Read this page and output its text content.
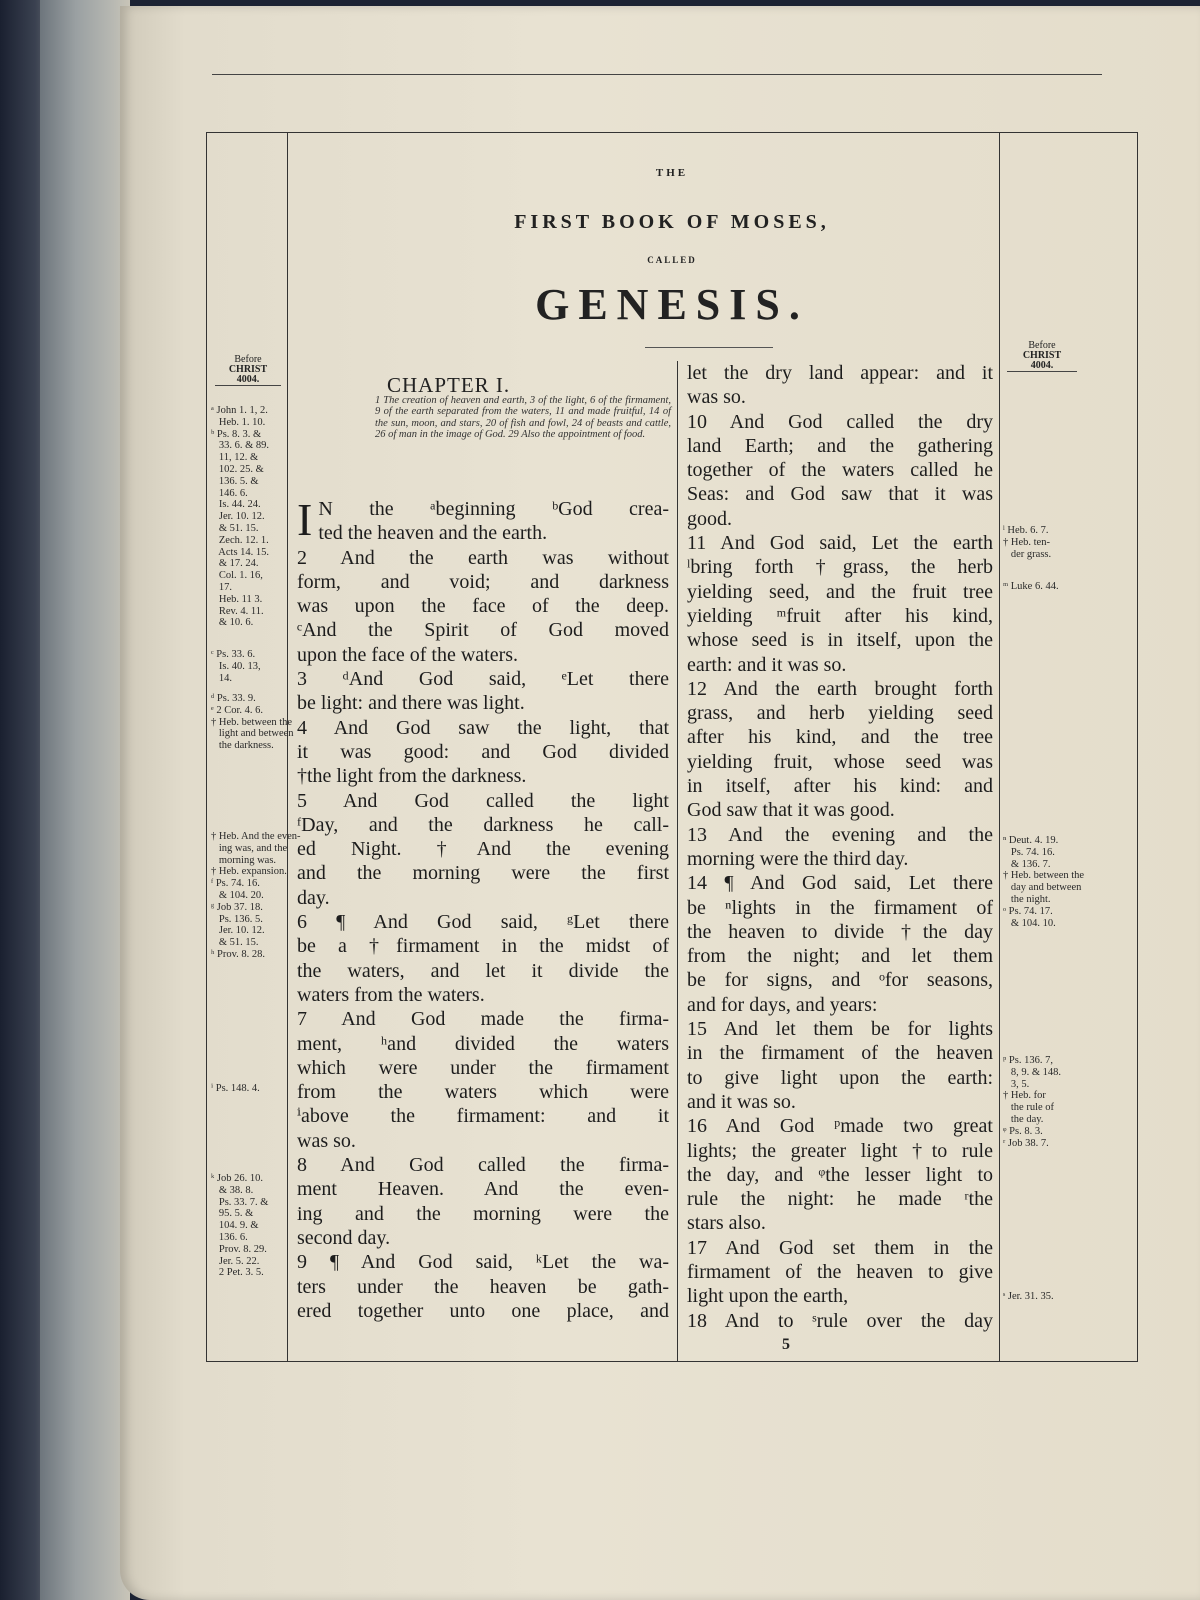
THE
FIRST BOOK OF MOSES,
CALLED
GENESIS.
Before
CHRIST
4004.
Before
CHRIST
4004.
CHAPTER I.
1 The creation of heaven and earth, 3 of the light, 6 of the firmament, 9 of the earth separated from the waters, 11 and made fruitful, 14 of the sun, moon, and stars, 20 of fish and fowl, 24 of beasts and cattle, 26 of man in the image of God. 29 Also the appointment of food.
I N the ᵃbeginning ᵇGod crea-
ted the heaven and the earth.
2 And the earth was without
form, and void; and darkness
was upon the face of the deep.
ᶜAnd the Spirit of God moved
upon the face of the waters.
3 ᵈAnd God said, ᵉLet there
be light: and there was light.
4 And God saw the light, that
it was good: and God divided
†the light from the darkness.
5 And God called the light
ᶠDay, and the darkness he call-
ed Night. †And the evening
and the morning were the first
day.
6 ¶ And God said, ᵍLet there
be a †firmament in the midst of
the waters, and let it divide the
waters from the waters.
7 And God made the firma-
ment, ʰand divided the waters
which were under the firmament
from the waters which were
ⁱabove the firmament: and it
was so.
8 And God called the firma-
ment Heaven. And the even-
ing and the morning were the
second day.
9 ¶ And God said, ᵏLet the wa-
ters under the heaven be gath-
ered together unto one place, and
let the dry land appear: and it
was so.
10 And God called the dry
land Earth; and the gathering
together of the waters called he
Seas: and God saw that it was
good.
11 And God said, Let the earth
ˡbring forth †grass, the herb
yielding seed, and the fruit tree
yielding ᵐfruit after his kind,
whose seed is in itself, upon the
earth: and it was so.
12 And the earth brought forth
grass, and herb yielding seed
after his kind, and the tree
yielding fruit, whose seed was
in itself, after his kind: and
God saw that it was good.
13 And the evening and the
morning were the third day.
14 ¶ And God said, Let there
be ⁿlights in the firmament of
the heaven to divide †the day
from the night; and let them
be for signs, and ᵒfor seasons,
and for days, and years:
15 And let them be for lights
in the firmament of the heaven
to give light upon the earth:
and it was so.
16 And God ᵖmade two great
lights; the greater light †to rule
the day, and ᵠthe lesser light to
rule the night: he made ʳthe
stars also.
17 And God set them in the
firmament of the heaven to give
light upon the earth,
18 And to ˢrule over the day
ᵃ John 1. 1, 2.
Heb. 1. 10.
ᵇ Ps. 8. 3. &
33. 6. & 89.
11, 12. &
102. 25. &
136. 5. &
146. 6.
Is. 44. 24.
Jer. 10. 12.
& 51. 15.
Zech. 12. 1.
Acts 14. 15.
& 17. 24.
Col. 1. 16,
17.
Heb. 11 3.
Rev. 4. 11.
& 10. 6.
ᶜ Ps. 33. 6.
Is. 40. 13,
14.
ᵈ Ps. 33. 9.
ᵉ 2 Cor. 4. 6.
† Heb. between the
light and between
the darkness.
† Heb. And the even-
ing was, and the
morning was.
† Heb. expansion.
ᶠ Ps. 74. 16.
& 104. 20.
ᵍ Job 37. 18.
Ps. 136. 5.
Jer. 10. 12.
& 51. 15.
ʰ Prov. 8. 28.
ⁱ Ps. 148. 4.
ᵏ Job 26. 10.
& 38. 8.
Ps. 33. 7. &
95. 5. &
104. 9. &
136. 6.
Prov. 8. 29.
Jer. 5. 22.
2 Pet. 3. 5.
ˡ Heb. 6. 7.
† Heb. ten-
der grass.
ᵐ Luke 6. 44.
ⁿ Deut. 4. 19.
Ps. 74. 16.
& 136. 7.
† Heb. between the
day and between
the night.
ᵒ Ps. 74. 17.
& 104. 10.
ᵖ Ps. 136. 7,
8, 9. & 148.
3, 5.
† Heb. for
the rule of
the day.
ᵠ Ps. 8. 3.
ʳ Job 38. 7.
ˢ Jer. 31. 35.
5
